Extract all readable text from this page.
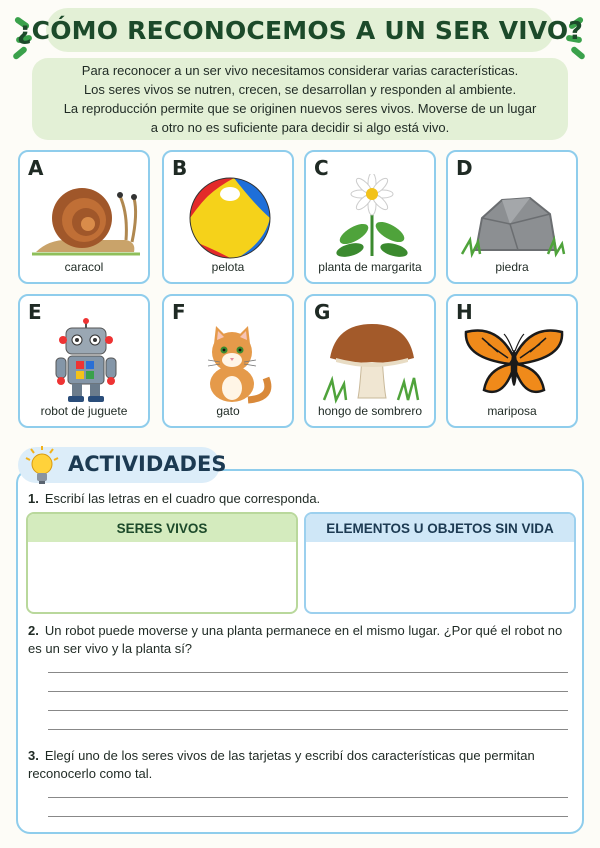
¿CÓMO RECONOCEMOS A UN SER VIVO?
Para reconocer a un ser vivo necesitamos considerar varias características.
Los seres vivos se nutren, crecen, se desarrollan y responden al ambiente.
La reproducción permite que se originen nuevos seres vivos. Moverse de un lugar
a otro no es suficiente para decidir si algo está vivo.
A
caracol
B
pelota
C
planta de margarita
D
piedra
E
robot de juguete
F
gato
G
hongo de sombrero
H
mariposa
ACTIVIDADES
1. Escribí las letras en el cuadro que corresponda.
SERES VIVOS	ELEMENTOS U OBJETOS SIN VIDA
2. Un robot puede moverse y una planta permanece en el mismo lugar. ¿Por qué el robot no es un ser vivo y la planta sí?
3. Elegí uno de los seres vivos de las tarjetas y escribí dos características que permitan reconocerlo como tal.
